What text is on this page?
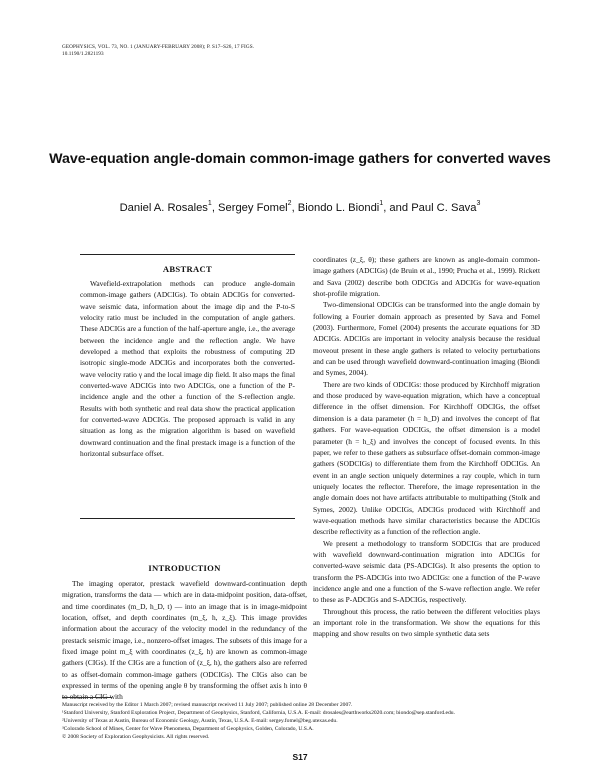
GEOPHYSICS, VOL. 73, NO. 1 (JANUARY-FEBRUARY 2008); P. S17–S26, 17 FIGS.
10.1190/1.2821193
Wave-equation angle-domain common-image gathers for converted waves
Daniel A. Rosales$^1$, Sergey Fomel$^2$, Biondo L. Biondi$^1$, and Paul C. Sava$^3$
ABSTRACT

Wavefield-extrapolation methods can produce angle-domain common-image gathers (ADCIGs). To obtain ADCIGs for converted-wave seismic data, information about the image dip and the P-to-S velocity ratio must be included in the computation of angle gathers. These ADCIGs are a function of the half-aperture angle, i.e., the average between the incidence angle and the reflection angle. We have developed a method that exploits the robustness of computing 2D isotropic single-mode ADCIGs and incorporates both the converted-wave velocity ratio γ and the local image dip field. It also maps the final converted-wave ADCIGs into two ADCIGs, one a function of the P-incidence angle and the other a function of the S-reflection angle. Results with both synthetic and real data show the practical application for converted-wave ADCIGs. The proposed approach is valid in any situation as long as the migration algorithm is based on wavefield downward continuation and the final prestack image is a function of the horizontal subsurface offset.

INTRODUCTION

The imaging operator, prestack wavefield downward-continuation depth migration, transforms the data — which are in data-midpoint position, data-offset, and time coordinates (m_D, h_D, t) — into an image that is in image-midpoint location, offset, and depth coordinates (m_ξ, h, z_ξ). This image provides information about the accuracy of the velocity model in the redundancy of the prestack seismic image, i.e., nonzero-offset images. The subsets of this image for a fixed image point m_ξ with coordinates (z_ξ, h) are known as common-image gathers (CIGs). If the CIGs are a function of (z_ξ, h), the gathers also are referred to as offset-domain common-image gathers (ODCIGs). The CIGs also can be expressed in terms of the opening angle θ by transforming the offset axis h into θ to obtain a CIG with

coordinates (z_ξ, θ); these gathers are known as angle-domain common-image gathers (ADCIGs) (de Bruin et al., 1990; Prucha et al., 1999). Rickett and Sava (2002) describe both ODCIGs and ADCIGs for wave-equation shot-profile migration.

Two-dimensional ODCIGs can be transformed into the angle domain by following a Fourier domain approach as presented by Sava and Fomel (2003). Furthermore, Fomel (2004) presents the accurate equations for 3D ADCIGs. ADCIGs are important in velocity analysis because the residual moveout present in these angle gathers is related to velocity perturbations and can be used through wavefield downward-continuation imaging (Biondi and Symes, 2004).

There are two kinds of ODCIGs: those produced by Kirchhoff migration and those produced by wave-equation migration, which have a conceptual difference in the offset dimension. For Kirchhoff ODCIGs, the offset dimension is a data parameter (h = h_D) and involves the concept of flat gathers. For wave-equation ODCIGs, the offset dimension is a model parameter (h = h_ξ) and involves the concept of focused events. In this paper, we refer to these gathers as subsurface offset-domain common-image gathers (SODCIGs) to differentiate them from the Kirchhoff ODCIGs. An event in an angle section uniquely determines a ray couple, which in turn uniquely locates the reflector. Therefore, the image representation in the angle domain does not have artifacts attributable to multipathing (Stolk and Symes, 2002). Unlike ODCIGs, ADCIGs produced with Kirchhoff and wave-equation methods have similar characteristics because the ADCIGs describe reflectivity as a function of the reflection angle.

We present a methodology to transform SODCIGs that are produced with wavefield downward-continuation migration into ADCIGs for converted-wave seismic data (PS-ADCIGs). It also presents the option to transform the PS-ADCIGs into two ADCIGs: one a function of the P-wave incidence angle and one a function of the S-wave reflection angle. We refer to these as P-ADCIGs and S-ADCIGs, respectively.

Throughout this process, the ratio between the different velocities plays an important role in the transformation. We show the equations for this mapping and show results on two simple synthetic data sets

Manuscript received by the Editor 1 March 2007; revised manuscript received 11 July 2007; published online 28 December 2007.
¹Stanford University, Stanford Exploration Project, Department of Geophysics, Stanford, California, U.S.A. E-mail: drosales@earthworks2020.com; biondo@sep.stanford.edu.
²University of Texas at Austin, Bureau of Economic Geology, Austin, Texas, U.S.A. E-mail: sergey.fomel@beg.utexas.edu.
³Colorado School of Mines, Center for Wave Phenomena, Department of Geophysics, Golden, Colorado, U.S.A.
© 2008 Society of Exploration Geophysicists. All rights reserved.
S17
